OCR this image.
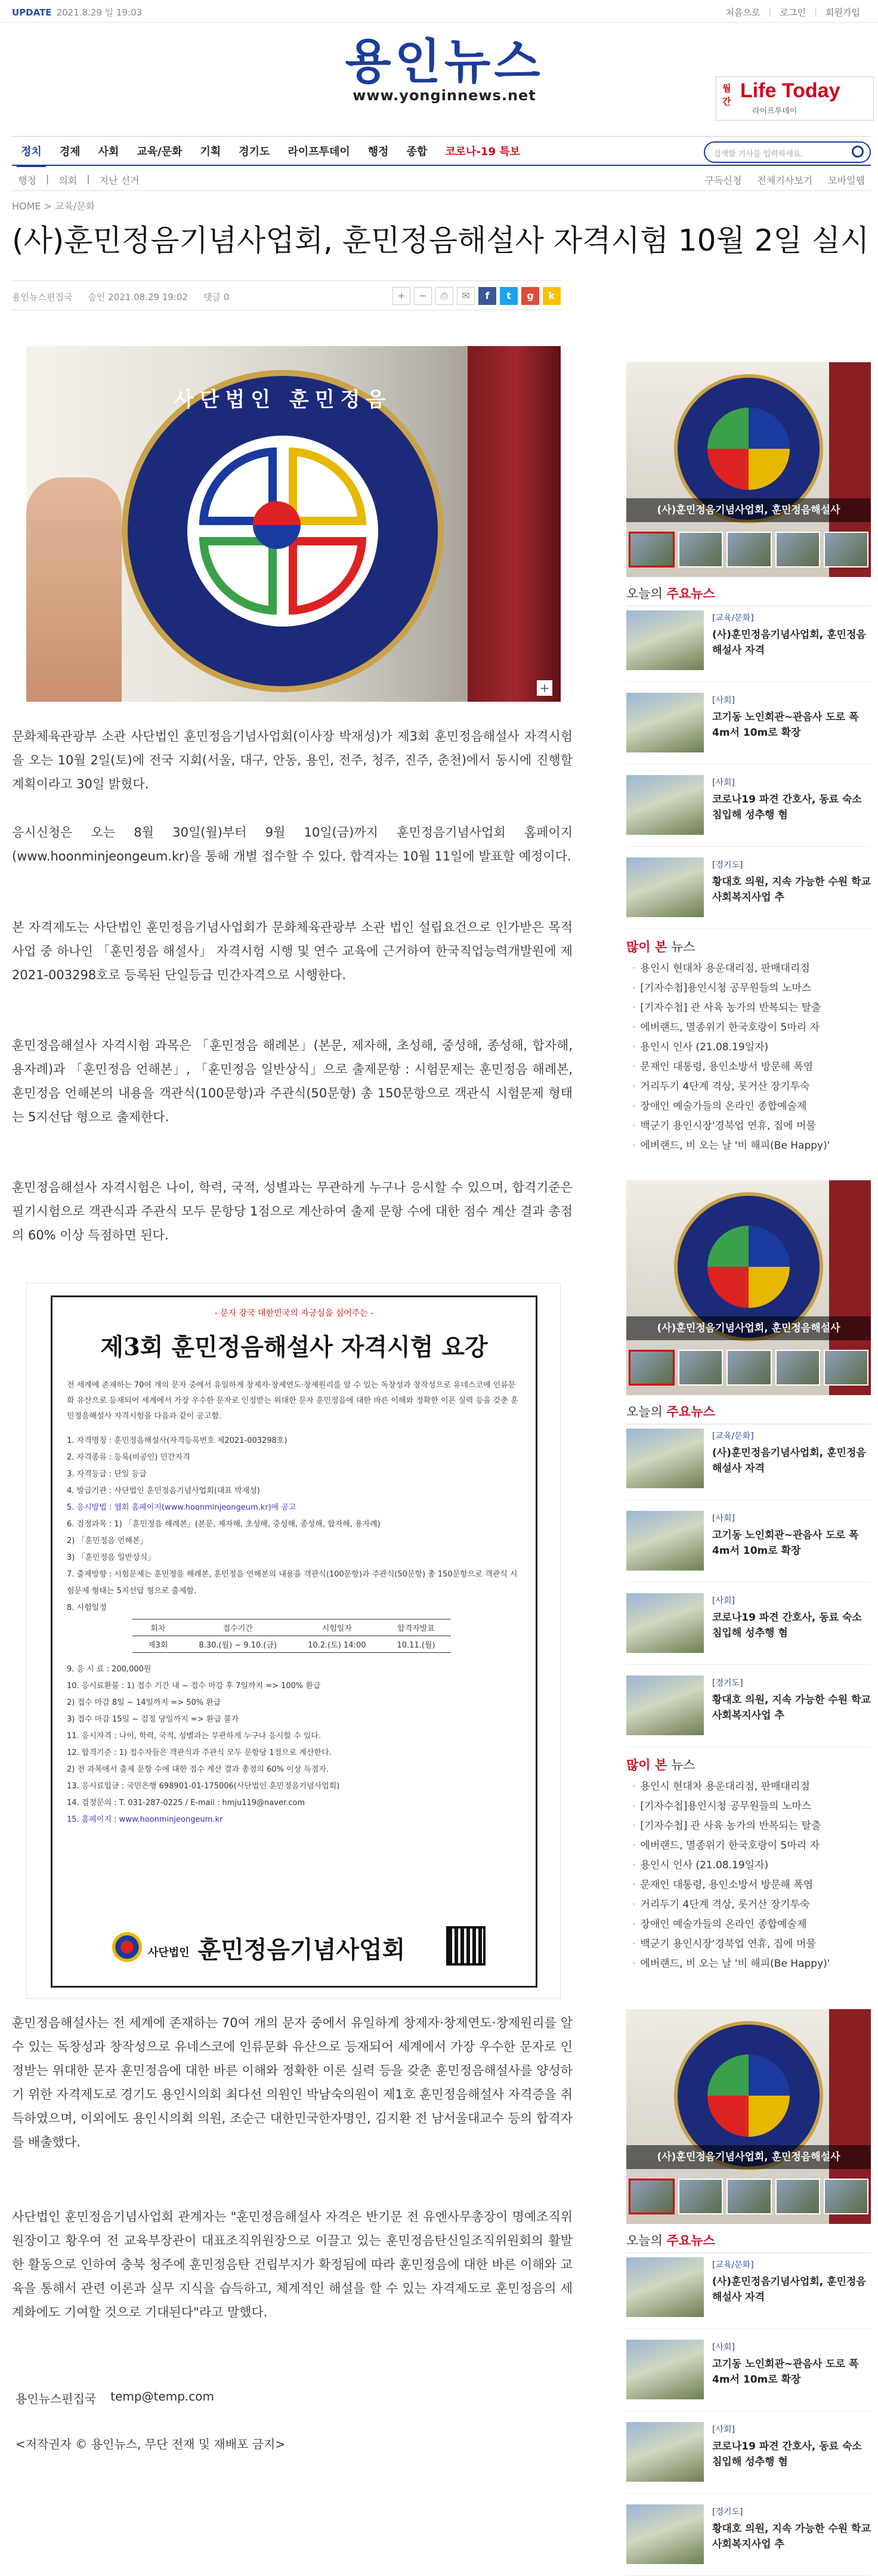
UPDATE 2021.8.29 일 19:03	처음으로 | 로그인 | 회원가입
용인뉴스
www.yonginnews.net	월간 Life Today
라이프투데이
정치	경제	사회	교육/문화	기획	경기도	라이프투데이	행정	종합	코로나-19 특보	검색할 기사를 입력하세요.
행정 | 의회 | 지난 선거	구독신청 전체기사보기 모바일웹
HOME > 교육/문화
(사)훈민정음기념사업회, 훈민정음해설사 자격시험 10월 2일 실시
용인뉴스편집국 승인 2021.08.29 19:02 댓글 0	+	−	⎙	✉	f	t	g	k
사단법인 훈민정음
+

문화체육관광부 소관 사단법인 훈민정음기념사업회(이사장 박재성)가 제3회 훈민정음해설사 자격시험을 오는 10월 2일(토)에 전국 지회(서울, 대구, 안동, 용인, 전주, 청주, 진주, 춘천)에서 동시에 진행할 계획이라고 30일 밝혔다.

응시신청은 오는 8월 30일(월)부터 9월 10일(금)까지 훈민정음기념사업회 홈페이지(www.hoonminjeongeum.kr)을 통해 개별 접수할 수 있다. 합격자는 10월 11일에 발표할 예정이다.

본 자격제도는 사단법인 훈민정음기념사업회가 문화체육관광부 소관 법인 설립요건으로 인가받은 목적사업 중 하나인 「훈민정음 해설사」 자격시험 시행 및 연수 교육에 근거하여 한국직업능력개발원에 제2021-003298호로 등록된 단일등급 민간자격으로 시행한다.

훈민정음해설사 자격시험 과목은 「훈민정음 해례본」(본문, 제자해, 초성해, 중성해, 종성해, 합자해, 용자례)과 「훈민정음 언해본」, 「훈민정음 일반상식」으로 출제문항 : 시험문제는 훈민정음 해례본, 훈민정음 언해본의 내용을 객관식(100문항)과 주관식(50문항) 총 150문항으로 객관식 시험문제 형태는 5지선답 형으로 출제한다.

훈민정음해설사 자격시험은 나이, 학력, 국적, 성별과는 무관하게 누구나 응시할 수 있으며, 합격기준은 필기시험으로 객관식과 주관식 모두 문항당 1점으로 계산하여 출제 문항 수에 대한 점수 계산 결과 총점의 60% 이상 득점하면 된다.

- 문자 강국 대한민국의 자긍심을 심어주는 -
제3회 훈민정음해설사 자격시험 요강
전 세계에 존재하는 70여 개의 문자 중에서 유일하게 창제자·창제연도·창제원리를 알 수 있는 독창성과 창작성으로 유네스코에 인류문화 유산으로 등재되어 세계에서 가장 우수한 문자로 인정받는 위대한 문자 훈민정음에 대한 바른 이해와 정확한 이론 실력 등을 갖춘 훈민정음해설사 자격시험을 다음과 같이 공고함.
1. 자격명칭 : 훈민정음해설사(자격등록번호 제2021-003298호)
2. 자격종류 : 등록(비공인) 민간자격
3. 자격등급 : 단일 등급
4. 발급기관 : 사단법인 훈민정음기념사업회(대표 박재성)
5. 응시방법 : 협회 홈페이지(www.hoonminjeongeum.kr)에 공고
6. 검정과목 : 1) 「훈민정음 해례본」(본문, 제자해, 초성해, 중성해, 종성해, 합자해, 용자례)
2) 「훈민정음 언해본」
3) 「훈민정음 일반상식」
7. 출제방향 : 시험문제는 훈민정음 해례본, 훈민정음 언해본의 내용을 객관식(100문항)과 주관식(50문항) 총 150문항으로 객관식 시험문제 형태는 5지선답 형으로 출제함.
8. 시험일정
회차	접수기간	시험일자	합격자발표
제3회	8.30.(월) ~ 9.10.(금)	10.2.(토) 14:00	10.11.(월)
9. 응 시 료 : 200,000원
10. 응시료환불 : 1) 접수 기간 내 ~ 접수 마감 후 7일까지 => 100% 환급
2) 접수 마감 8일 ~ 14일까지 => 50% 환급
3) 접수 마감 15일 ~ 검정 당일까지 => 환급 불가
11. 응시자격 : 나이, 학력, 국적, 성별과는 무관하게 누구나 응시할 수 있다.
12. 합격기준 : 1) 접수자들은 객관식과 주관식 모두 문항당 1점으로 계산한다.
2) 전 과목에서 출제 문항 수에 대한 점수 계산 결과 총점의 60% 이상 득점자.
13. 응시료입금 : 국민은행 698901-01-175006(사단법인 훈민정음기념사업회)
14. 검정문의 : T. 031-287-0225 / E-mail : hmju119@naver.com
15. 홈페이지 : www.hoonminjeongeum.kr
사단법인 훈민정음기념사업회

훈민정음해설사는 전 세계에 존재하는 70여 개의 문자 중에서 유일하게 창제자·창제연도·창제원리를 알 수 있는 독창성과 창작성으로 유네스코에 인류문화 유산으로 등재되어 세계에서 가장 우수한 문자로 인정받는 위대한 문자 훈민정음에 대한 바른 이해와 정확한 이론 실력 등을 갖춘 훈민정음해설사를 양성하기 위한 자격제도로 경기도 용인시의회 최다선 의원인 박남숙의원이 제1호 훈민정음해설사 자격증을 취득하였으며, 이외에도 용인시의회 의원, 조순근 대한민국한자명인, 김지환 전 남서울대교수 등의 합격자를 배출했다.

사단법인 훈민정음기념사업회 관계자는 "훈민정음해설사 자격은 반기문 전 유엔사무총장이 명예조직위원장이고 황우여 전 교육부장관이 대표조직위원장으로 이끌고 있는 훈민정음탄신일조직위원회의 활발한 활동으로 인하여 충북 청주에 훈민정음탄 건립부지가 확정됨에 따라 훈민정음에 대한 바른 이해와 교육을 통해서 관련 이론과 실무 지식을 습득하고, 체계적인 해설을 할 수 있는 자격제도로 훈민정음의 세계화에도 기여할 것으로 기대된다"라고 말했다.

용인뉴스편집국 temp@temp.com
<저작권자 © 용인뉴스, 무단 전재 및 재배포 금지>
(사)훈민정음기념사업회, 훈민정음해설사
오늘의 주요뉴스
[교육/문화]
(사)훈민정음기념사업회, 훈민정음해설사 자격
[사회]
고기동 노인회관~관음사 도로 폭 4m서 10m로 확장
[사회]
코로나19 파견 간호사, 동료 숙소 침입해 성추행 혐
[경기도]
황대호 의원, 지속 가능한 수원 학교사회복지사업 추
많이 본 뉴스
· 용인시 현대차 용운대리점, 판매대리점
· [기자수첩]용인시청 공무원들의 노마스
· [기자수첩] 관 사육 농가의 반복되는 탈출
· 에버랜드, 멸종위기 한국호랑이 5마리 자
· 용인시 인사 (21.08.19일자)
· 문재인 대통령, 용인소방서 방문해 폭염
· 거리두기 4단계 격상, 롯거산 장기투숙
· 장애인 예술가들의 온라인 종합예술제
· 백군기 용인시장'경북업 연휴, 집에 머물
· 에버랜드, 비 오는 날 '비 해피(Be Happy)'
(사)훈민정음기념사업회, 훈민정음해설사
오늘의 주요뉴스
[교육/문화]
(사)훈민정음기념사업회, 훈민정음해설사 자격
[사회]
고기동 노인회관~관음사 도로 폭 4m서 10m로 확장
[사회]
코로나19 파견 간호사, 동료 숙소 침입해 성추행 혐
[경기도]
황대호 의원, 지속 가능한 수원 학교사회복지사업 추
많이 본 뉴스
· 용인시 현대차 용운대리점, 판매대리점
· [기자수첩]용인시청 공무원들의 노마스
· [기자수첩] 관 사육 농가의 반복되는 탈출
· 에버랜드, 멸종위기 한국호랑이 5마리 자
· 용인시 인사 (21.08.19일자)
· 문재인 대통령, 용인소방서 방문해 폭염
· 거리두기 4단계 격상, 롯거산 장기투숙
· 장애인 예술가들의 온라인 종합예술제
· 백군기 용인시장'경북업 연휴, 집에 머물
· 에버랜드, 비 오는 날 '비 해피(Be Happy)'
(사)훈민정음기념사업회, 훈민정음해설사
오늘의 주요뉴스
[교육/문화]
(사)훈민정음기념사업회, 훈민정음해설사 자격
[사회]
고기동 노인회관~관음사 도로 폭 4m서 10m로 확장
[사회]
코로나19 파견 간호사, 동료 숙소 침입해 성추행 혐
[경기도]
황대호 의원, 지속 가능한 수원 학교사회복지사업 추
